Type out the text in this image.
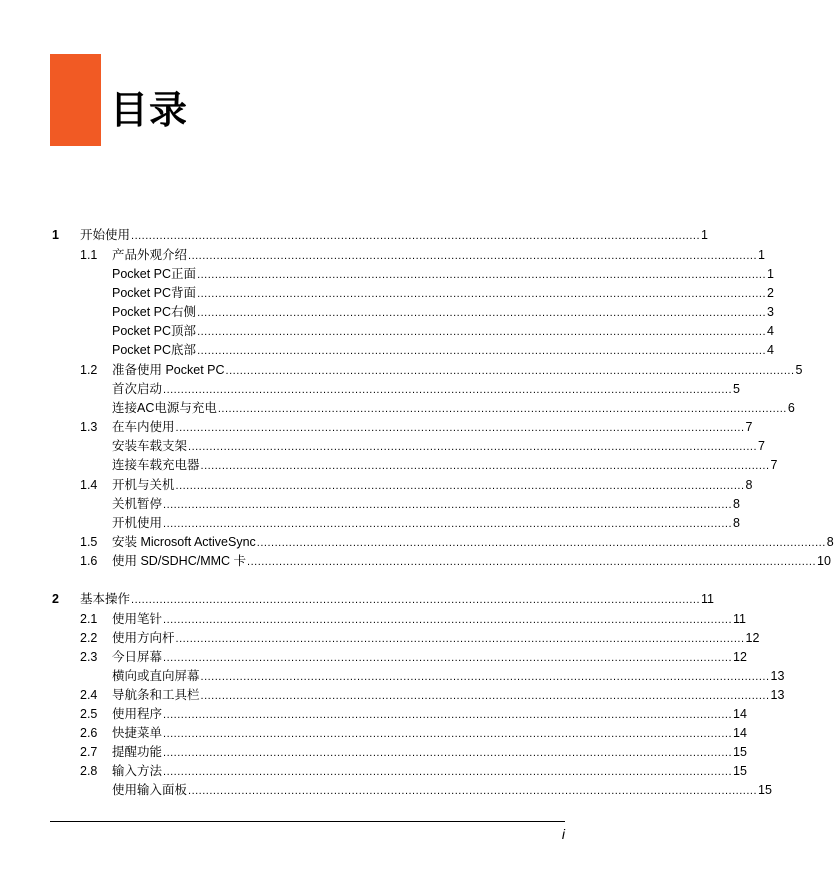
目录
1 开始使用 ................................................................................................................................................................ 1
1.1 产品外观介绍 ................................................................................................................................................................ 1
Pocket PC正面 ................................................................................................................................................................ 1
Pocket PC背面 ................................................................................................................................................................ 2
Pocket PC右侧 ................................................................................................................................................................ 3
Pocket PC顶部 ................................................................................................................................................................ 4
Pocket PC底部 ................................................................................................................................................................ 4
1.2 准备使用 Pocket PC ................................................................................................................................................................ 5
首次启动 ................................................................................................................................................................ 5
连接AC电源与充电 ................................................................................................................................................................ 6
1.3 在车内使用 ................................................................................................................................................................ 7
安装车载支架 ................................................................................................................................................................ 7
连接车载充电器 ................................................................................................................................................................ 7
1.4 开机与关机 ................................................................................................................................................................ 8
关机暂停 ................................................................................................................................................................ 8
开机使用 ................................................................................................................................................................ 8
1.5 安装 Microsoft ActiveSync ................................................................................................................................................................ 8
1.6 使用 SD/SDHC/MMC 卡 ................................................................................................................................................................ 10
2 基本操作 ................................................................................................................................................................ 11
2.1 使用笔针 ................................................................................................................................................................ 11
2.2 使用方向杆 ................................................................................................................................................................ 12
2.3 今日屏幕 ................................................................................................................................................................ 12
横向或直向屏幕 ................................................................................................................................................................ 13
2.4 导航条和工具栏 ................................................................................................................................................................ 13
2.5 使用程序 ................................................................................................................................................................ 14
2.6 快捷菜单 ................................................................................................................................................................ 14
2.7 提醒功能 ................................................................................................................................................................ 15
2.8 输入方法 ................................................................................................................................................................ 15
使用输入面板 ................................................................................................................................................................ 15
i
